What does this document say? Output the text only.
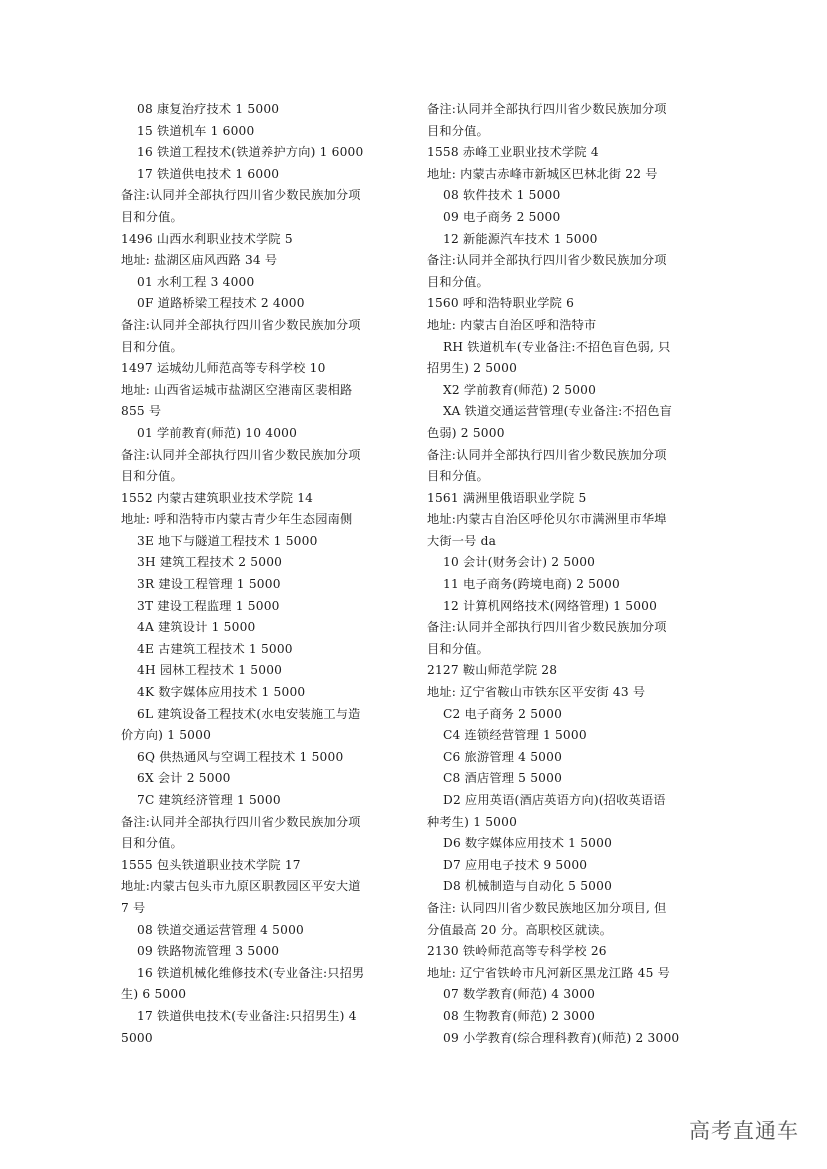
08 康复治疗技术 1 5000
15 铁道机车 1 6000
16 铁道工程技术(铁道养护方向) 1 6000
17 铁道供电技术 1 6000
备注:认同并全部执行四川省少数民族加分项
目和分值。
1496 山西水利职业技术学院 5
地址: 盐湖区庙风西路 34 号
01 水利工程 3 4000
0F 道路桥梁工程技术 2 4000
备注:认同并全部执行四川省少数民族加分项
目和分值。
1497 运城幼儿师范高等专科学校 10
地址: 山西省运城市盐湖区空港南区裴相路
855 号
01 学前教育(师范) 10 4000
备注:认同并全部执行四川省少数民族加分项
目和分值。
1552 内蒙古建筑职业技术学院 14
地址: 呼和浩特市内蒙古青少年生态园南侧
3E 地下与隧道工程技术 1 5000
3H 建筑工程技术 2 5000
3R 建设工程管理 1 5000
3T 建设工程监理 1 5000
4A 建筑设计 1 5000
4E 古建筑工程技术 1 5000
4H 园林工程技术 1 5000
4K 数字媒体应用技术 1 5000
6L 建筑设备工程技术(水电安装施工与造
价方向) 1 5000
6Q 供热通风与空调工程技术 1 5000
6X 会计 2 5000
7C 建筑经济管理 1 5000
备注:认同并全部执行四川省少数民族加分项
目和分值。
1555 包头铁道职业技术学院 17
地址:内蒙古包头市九原区职教园区平安大道
7 号
08 铁道交通运营管理 4 5000
09 铁路物流管理 3 5000
16 铁道机械化维修技术(专业备注:只招男
生) 6 5000
17 铁道供电技术(专业备注:只招男生) 4
5000
备注:认同并全部执行四川省少数民族加分项
目和分值。
1558 赤峰工业职业技术学院 4
地址: 内蒙古赤峰市新城区巴林北街 22 号
08 软件技术 1 5000
09 电子商务 2 5000
12 新能源汽车技术 1 5000
备注:认同并全部执行四川省少数民族加分项
目和分值。
1560 呼和浩特职业学院 6
地址: 内蒙古自治区呼和浩特市
RH 铁道机车(专业备注:不招色盲色弱, 只
招男生) 2 5000
X2 学前教育(师范) 2 5000
XA 铁道交通运营管理(专业备注:不招色盲
色弱) 2 5000
备注:认同并全部执行四川省少数民族加分项
目和分值。
1561 满洲里俄语职业学院 5
地址:内蒙古自治区呼伦贝尔市满洲里市华埠
大街一号 da
10 会计(财务会计) 2 5000
11 电子商务(跨境电商) 2 5000
12 计算机网络技术(网络管理) 1 5000
备注:认同并全部执行四川省少数民族加分项
目和分值。
2127 鞍山师范学院 28
地址: 辽宁省鞍山市铁东区平安街 43 号
C2 电子商务 2 5000
C4 连锁经营管理 1 5000
C6 旅游管理 4 5000
C8 酒店管理 5 5000
D2 应用英语(酒店英语方向)(招收英语语
种考生) 1 5000
D6 数字媒体应用技术 1 5000
D7 应用电子技术 9 5000
D8 机械制造与自动化 5 5000
备注: 认同四川省少数民族地区加分项目, 但
分值最高 20 分。高职校区就读。
2130 铁岭师范高等专科学校 26
地址: 辽宁省铁岭市凡河新区黑龙江路 45 号
07 数学教育(师范) 4 3000
08 生物教育(师范) 2 3000
09 小学教育(综合理科教育)(师范) 2 3000
高考直通车
